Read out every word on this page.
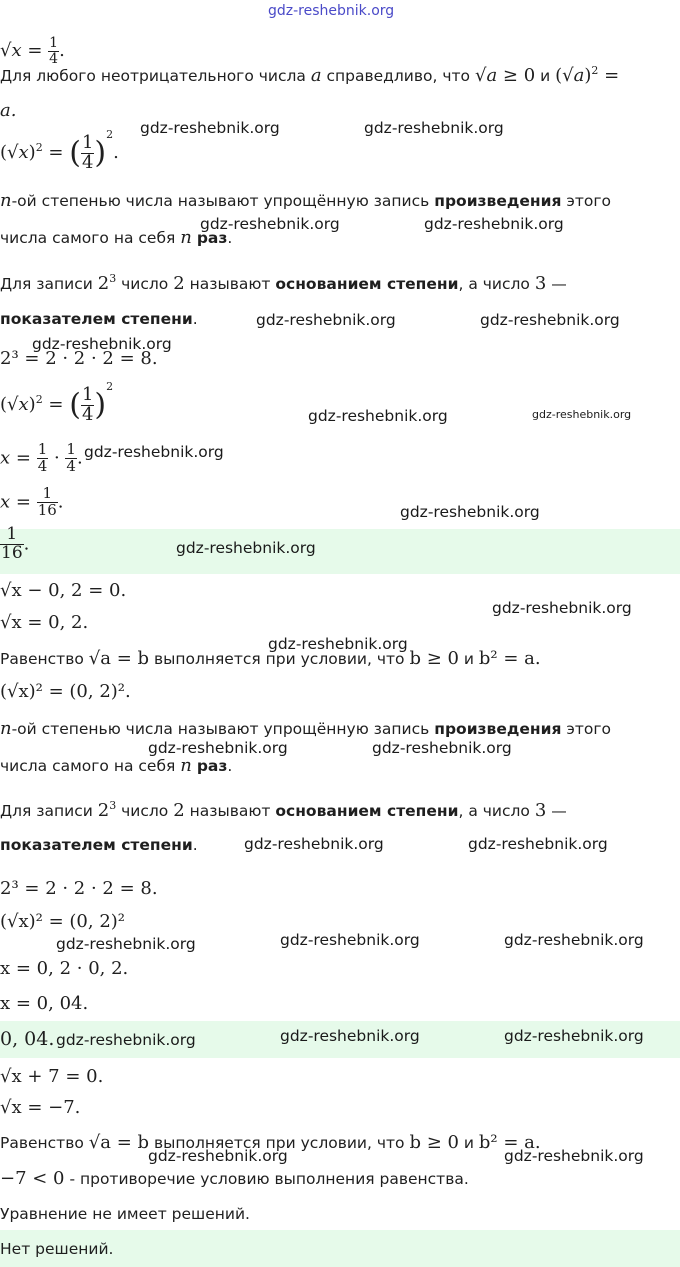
$√x = \frac{1}{4}$ .
Для любого неотрицательного числа a справедливо, что √a ≥ 0 и $(√a)^2$ =
a.
$(√x)^2$ = ( $\frac{1}{4} )^2$.
n-ой степенью числа называют упрощённую запись произведения этого
числа самого на себя n раз.
Для записи $2^3$ число 2 называют основанием степени, а число 3 —
показателем степени.
2³ = 2 · 2 · 2 = 8.
$(√x)^2$ = ( $\frac{1}{4} )^2$
$x = \frac{1}{4} \cdot \frac{1}{4}$ .
$x = \frac{1}{16}$ .
$\frac{1}{16}$ .
√x − 0, 2 = 0.
√x = 0, 2.
Равенство √a = b выполняется при условии, что b ≥ 0 и b² = a.
(√x)² = (0, 2)².
n-ой степенью числа называют упрощённую запись произведения этого
числа самого на себя n раз.
Для записи $2^3$ число 2 называют основанием степени, а число 3 —
показателем степени.
2³ = 2 · 2 · 2 = 8.
(√x)² = (0, 2)²
x = 0, 2 · 0, 2.
x = 0, 04.
0, 04.
√x + 7 = 0.
√x = −7.
Равенство √a = b выполняется при условии, что b ≥ 0 и b² = a.
−7 < 0 - противоречие условию выполнения равенства.
Уравнение не имеет решений.
Нет решений.
gdz-reshebnik.org
gdz-reshebnik.org	gdz-reshebnik.org
gdz-reshebnik.org	gdz-reshebnik.org
gdz-reshebnik.org	gdz-reshebnik.org
gdz-reshebnik.org
gdz-reshebnik.org	gdz-reshebnik.org
gdz-reshebnik.org
gdz-reshebnik.org
gdz-reshebnik.org
gdz-reshebnik.org
gdz-reshebnik.org
gdz-reshebnik.org	gdz-reshebnik.org
gdz-reshebnik.org	gdz-reshebnik.org
gdz-reshebnik.org	gdz-reshebnik.org	gdz-reshebnik.org
gdz-reshebnik.org	gdz-reshebnik.org	gdz-reshebnik.org
gdz-reshebnik.org	gdz-reshebnik.org
